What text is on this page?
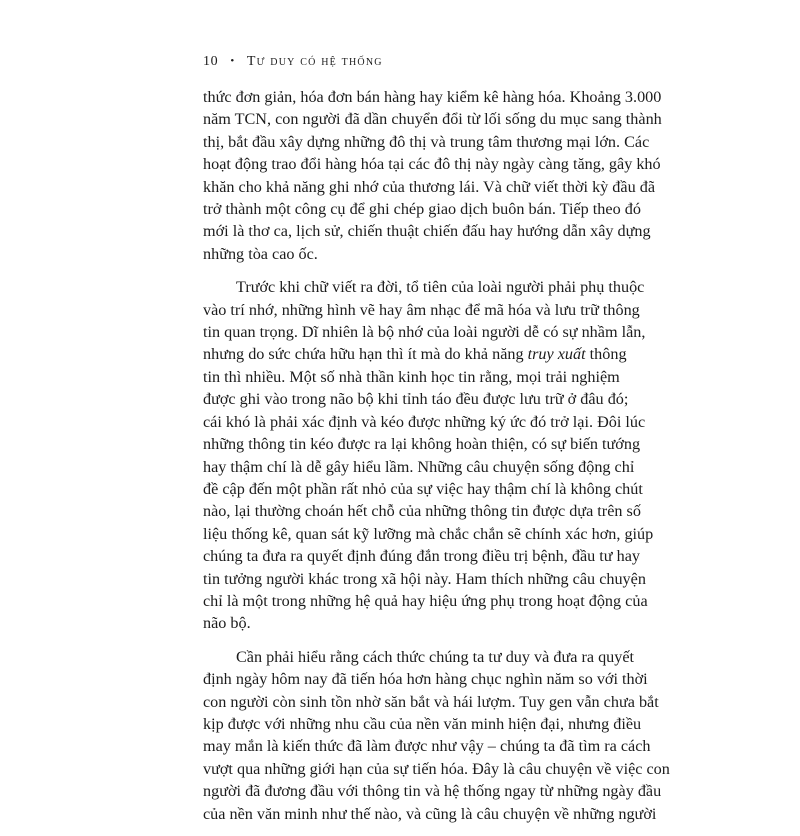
10 • Tư duy có hệ thống

thức đơn giản, hóa đơn bán hàng hay kiểm kê hàng hóa. Khoảng 3.000
năm TCN, con người đã dần chuyển đổi từ lối sống du mục sang thành
thị, bắt đầu xây dựng những đô thị và trung tâm thương mại lớn. Các
hoạt động trao đổi hàng hóa tại các đô thị này ngày càng tăng, gây khó
khăn cho khả năng ghi nhớ của thương lái. Và chữ viết thời kỳ đầu đã
trở thành một công cụ để ghi chép giao dịch buôn bán. Tiếp theo đó
mới là thơ ca, lịch sử, chiến thuật chiến đấu hay hướng dẫn xây dựng
những tòa cao ốc.

Trước khi chữ viết ra đời, tổ tiên của loài người phải phụ thuộc
vào trí nhớ, những hình vẽ hay âm nhạc để mã hóa và lưu trữ thông
tin quan trọng. Dĩ nhiên là bộ nhớ của loài người dễ có sự nhầm lẫn,
nhưng do sức chứa hữu hạn thì ít mà do khả năng truy xuất thông
tin thì nhiều. Một số nhà thần kinh học tin rằng, mọi trải nghiệm
được ghi vào trong não bộ khi tỉnh táo đều được lưu trữ ở đâu đó;
cái khó là phải xác định và kéo được những ký ức đó trở lại. Đôi lúc
những thông tin kéo được ra lại không hoàn thiện, có sự biến tướng
hay thậm chí là dễ gây hiểu lầm. Những câu chuyện sống động chỉ
đề cập đến một phần rất nhỏ của sự việc hay thậm chí là không chút
nào, lại thường choán hết chỗ của những thông tin được dựa trên số
liệu thống kê, quan sát kỹ lưỡng mà chắc chắn sẽ chính xác hơn, giúp
chúng ta đưa ra quyết định đúng đắn trong điều trị bệnh, đầu tư hay
tin tưởng người khác trong xã hội này. Ham thích những câu chuyện
chỉ là một trong những hệ quả hay hiệu ứng phụ trong hoạt động của
não bộ.

Cần phải hiểu rằng cách thức chúng ta tư duy và đưa ra quyết
định ngày hôm nay đã tiến hóa hơn hàng chục nghìn năm so với thời
con người còn sinh tồn nhờ săn bắt và hái lượm. Tuy gen vẫn chưa bắt
kịp được với những nhu cầu của nền văn minh hiện đại, nhưng điều
may mắn là kiến thức đã làm được như vậy – chúng ta đã tìm ra cách
vượt qua những giới hạn của sự tiến hóa. Đây là câu chuyện về việc con
người đã đương đầu với thông tin và hệ thống ngay từ những ngày đầu
của nền văn minh như thế nào, và cũng là câu chuyện về những người
